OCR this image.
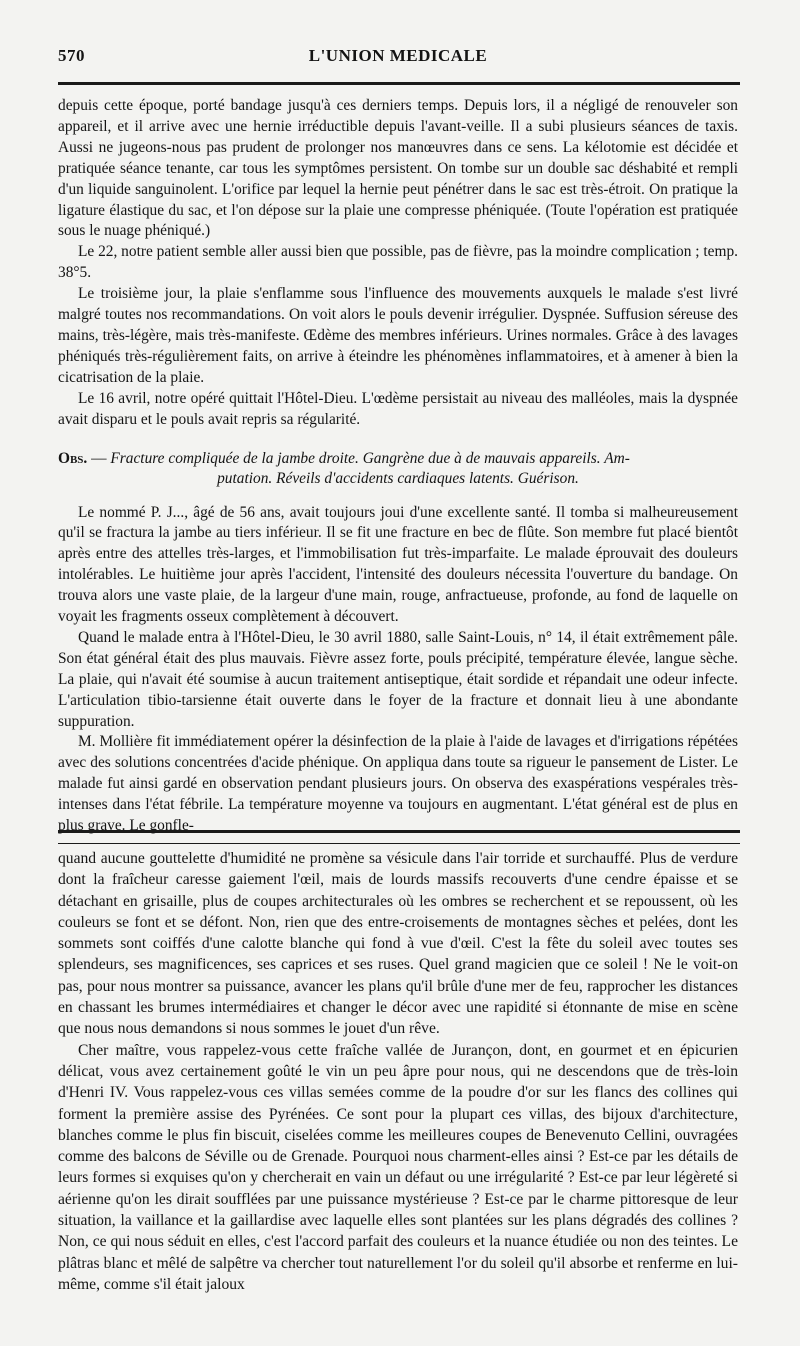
570	L'UNION MEDICALE

depuis cette époque, porté bandage jusqu'à ces derniers temps. Depuis lors, il a négligé de renouveler son appareil, et il arrive avec une hernie irréductible depuis l'avant-veille. Il a subi plusieurs séances de taxis. Aussi ne jugeons-nous pas prudent de prolonger nos manœuvres dans ce sens. La kélotomie est décidée et pratiquée séance tenante, car tous les symptômes persistent. On tombe sur un double sac déshabité et rempli d'un liquide sanguinolent. L'orifice par lequel la hernie peut pénétrer dans le sac est très-étroit. On pratique la ligature élastique du sac, et l'on dépose sur la plaie une compresse phéniquée. (Toute l'opération est pratiquée sous le nuage phéniqué.)

Le 22, notre patient semble aller aussi bien que possible, pas de fièvre, pas la moindre complication ; temp. 38°5.

Le troisième jour, la plaie s'enflamme sous l'influence des mouvements auxquels le malade s'est livré malgré toutes nos recommandations. On voit alors le pouls devenir irrégulier. Dyspnée. Suffusion séreuse des mains, très-légère, mais très-manifeste. Œdème des membres inférieurs. Urines normales. Grâce à des lavages phéniqués très-régulièrement faits, on arrive à éteindre les phénomènes inflammatoires, et à amener à bien la cicatrisation de la plaie.

Le 16 avril, notre opéré quittait l'Hôtel-Dieu. L'œdème persistait au niveau des malléoles, mais la dyspnée avait disparu et le pouls avait repris sa régularité.

Obs. — Fracture compliquée de la jambe droite. Gangrène due à de mauvais appareils. Am-
putation. Réveils d'accidents cardiaques latents. Guérison.

Le nommé P. J..., âgé de 56 ans, avait toujours joui d'une excellente santé. Il tomba si malheureusement qu'il se fractura la jambe au tiers inférieur. Il se fit une fracture en bec de flûte. Son membre fut placé bientôt après entre des attelles très-larges, et l'immobilisation fut très-imparfaite. Le malade éprouvait des douleurs intolérables. Le huitième jour après l'accident, l'intensité des douleurs nécessita l'ouverture du bandage. On trouva alors une vaste plaie, de la largeur d'une main, rouge, anfractueuse, profonde, au fond de laquelle on voyait les fragments osseux complètement à découvert.

Quand le malade entra à l'Hôtel-Dieu, le 30 avril 1880, salle Saint-Louis, n° 14, il était extrêmement pâle. Son état général était des plus mauvais. Fièvre assez forte, pouls précipité, température élevée, langue sèche. La plaie, qui n'avait été soumise à aucun traitement antiseptique, était sordide et répandait une odeur infecte. L'articulation tibio-tarsienne était ouverte dans le foyer de la fracture et donnait lieu à une abondante suppuration.

M. Mollière fit immédiatement opérer la désinfection de la plaie à l'aide de lavages et d'irrigations répétées avec des solutions concentrées d'acide phénique. On appliqua dans toute sa rigueur le pansement de Lister. Le malade fut ainsi gardé en observation pendant plusieurs jours. On observa des exaspérations vespérales très-intenses dans l'état fébrile. La température moyenne va toujours en augmentant. L'état général est de plus en plus grave. Le gonfle-

quand aucune gouttelette d'humidité ne promène sa vésicule dans l'air torride et surchauffé. Plus de verdure dont la fraîcheur caresse gaiement l'œil, mais de lourds massifs recouverts d'une cendre épaisse et se détachant en grisaille, plus de coupes architecturales où les ombres se recherchent et se repoussent, où les couleurs se font et se défont. Non, rien que des entre-croisements de montagnes sèches et pelées, dont les sommets sont coiffés d'une calotte blanche qui fond à vue d'œil. C'est la fête du soleil avec toutes ses splendeurs, ses magnificences, ses caprices et ses ruses. Quel grand magicien que ce soleil ! Ne le voit-on pas, pour nous montrer sa puissance, avancer les plans qu'il brûle d'une mer de feu, rapprocher les distances en chassant les brumes intermédiaires et changer le décor avec une rapidité si étonnante de mise en scène que nous nous demandons si nous sommes le jouet d'un rêve.

Cher maître, vous rappelez-vous cette fraîche vallée de Jurançon, dont, en gourmet et en épicurien délicat, vous avez certainement goûté le vin un peu âpre pour nous, qui ne descendons que de très-loin d'Henri IV. Vous rappelez-vous ces villas semées comme de la poudre d'or sur les flancs des collines qui forment la première assise des Pyrénées. Ce sont pour la plupart ces villas, des bijoux d'architecture, blanches comme le plus fin biscuit, ciselées comme les meilleures coupes de Benevenuto Cellini, ouvragées comme des balcons de Séville ou de Grenade. Pourquoi nous charment-elles ainsi ? Est-ce par les détails de leurs formes si exquises qu'on y chercherait en vain un défaut ou une irrégularité ? Est-ce par leur légèreté si aérienne qu'on les dirait soufflées par une puissance mystérieuse ? Est-ce par le charme pittoresque de leur situation, la vaillance et la gaillardise avec laquelle elles sont plantées sur les plans dégradés des collines ? Non, ce qui nous séduit en elles, c'est l'accord parfait des couleurs et la nuance étudiée ou non des teintes. Le plâtras blanc et mêlé de salpêtre va chercher tout naturellement l'or du soleil qu'il absorbe et renferme en lui-même, comme s'il était jaloux
